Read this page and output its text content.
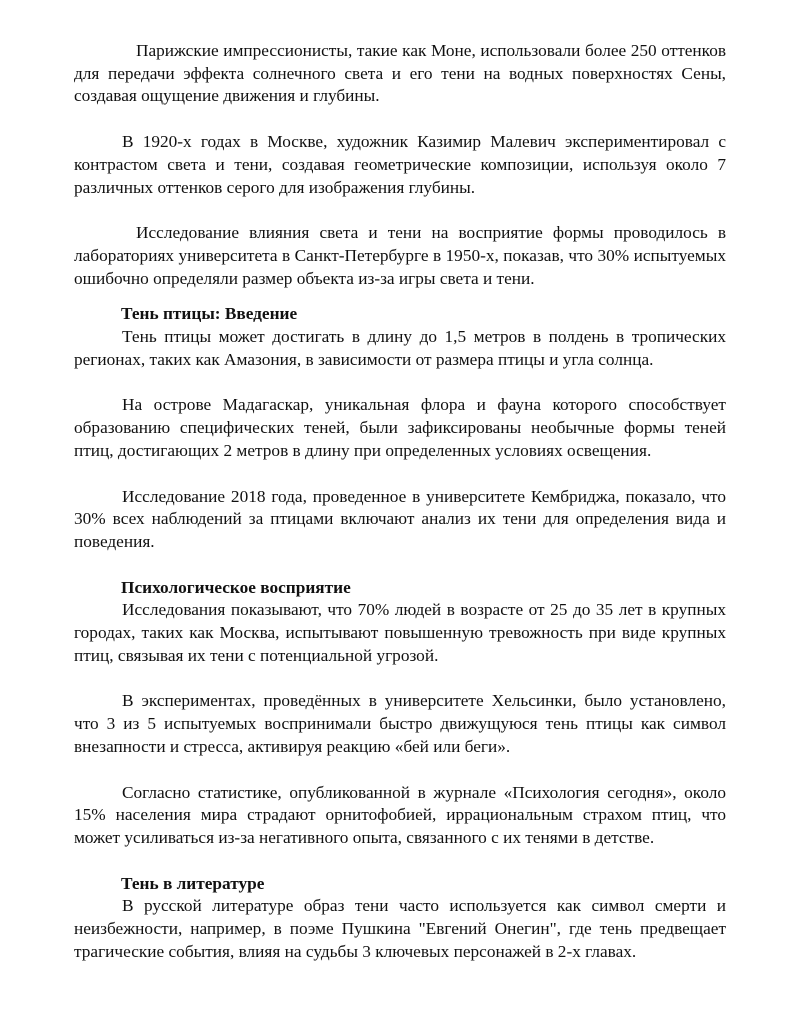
Парижские импрессионисты, такие как Моне, использовали более 250 оттенков для передачи эффекта солнечного света и его тени на водных поверхностях Сены, создавая ощущение движения и глубины.

В 1920-х годах в Москве, художник Казимир Малевич экспериментировал с контрастом света и тени, создавая геометрические композиции, используя около 7 различных оттенков серого для изображения глубины.

Исследование влияния света и тени на восприятие формы проводилось в лабораториях университета в Санкт-Петербурге в 1950-х, показав, что 30% испытуемых ошибочно определяли размер объекта из-за игры света и тени.

Тень птицы: Введение

Тень птицы может достигать в длину до 1,5 метров в полдень в тропических регионах, таких как Амазония, в зависимости от размера птицы и угла солнца.

На острове Мадагаскар, уникальная флора и фауна которого способствует образованию специфических теней, были зафиксированы необычные формы теней птиц, достигающих 2 метров в длину при определенных условиях освещения.

Исследование 2018 года, проведенное в университете Кембриджа, показало, что 30% всех наблюдений за птицами включают анализ их тени для определения вида и поведения.

Психологическое восприятие

Исследования показывают, что 70% людей в возрасте от 25 до 35 лет в крупных городах, таких как Москва, испытывают повышенную тревожность при виде крупных птиц, связывая их тени с потенциальной угрозой.

В экспериментах, проведённых в университете Хельсинки, было установлено, что 3 из 5 испытуемых воспринимали быстро движущуюся тень птицы как символ внезапности и стресса, активируя реакцию «бей или беги».

Согласно статистике, опубликованной в журнале «Психология сегодня», около 15% населения мира страдают орнитофобией, иррациональным страхом птиц, что может усиливаться из-за негативного опыта, связанного с их тенями в детстве.

Тень в литературе

В русской литературе образ тени часто используется как символ смерти и неизбежности, например, в поэме Пушкина "Евгений Онегин", где тень предвещает трагические события, влияя на судьбы 3 ключевых персонажей в 2-х главах.
